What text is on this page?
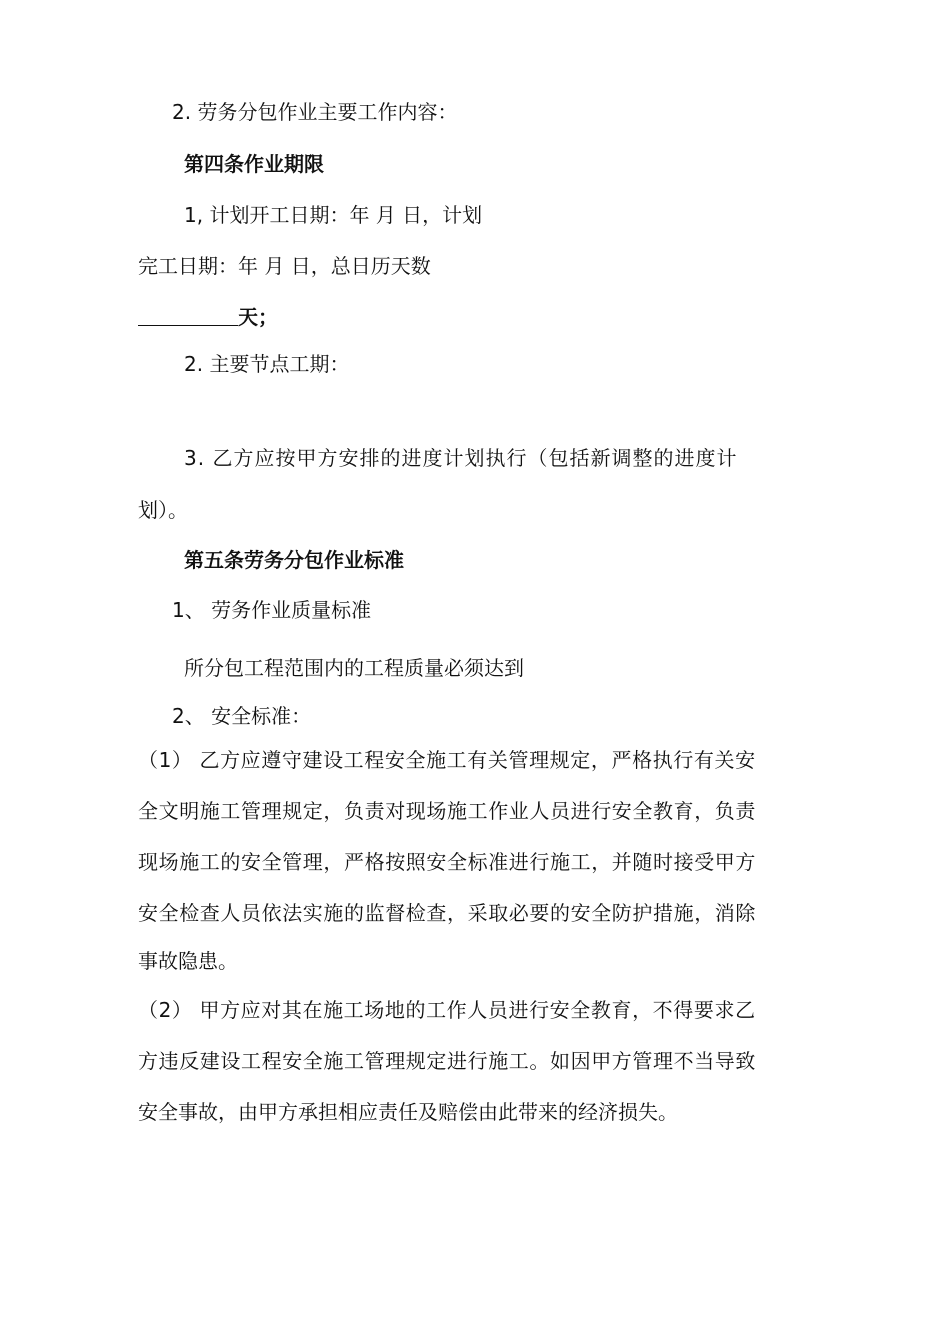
2. 劳务分包作业主要工作内容：
第四条作业期限
1, 计划开工日期：年 月 日，计划
完工日期：年 月 日，总日历天数
天；
2. 主要节点工期：
3. 乙方应按甲方安排的进度计划执行（包括新调整的进度计
划）。
第五条劳务分包作业标准
1、 劳务作业质量标准
所分包工程范围内的工程质量必须达到
2、 安全标准：
（1） 乙方应遵守建设工程安全施工有关管理规定，严格执行有关安
全文明施工管理规定，负责对现场施工作业人员进行安全教育，负责
现场施工的安全管理，严格按照安全标准进行施工，并随时接受甲方
安全检查人员依法实施的监督检查，采取必要的安全防护措施，消除
事故隐患。
（2） 甲方应对其在施工场地的工作人员进行安全教育，不得要求乙
方违反建设工程安全施工管理规定进行施工。如因甲方管理不当导致
安全事故，由甲方承担相应责任及赔偿由此带来的经济损失。
